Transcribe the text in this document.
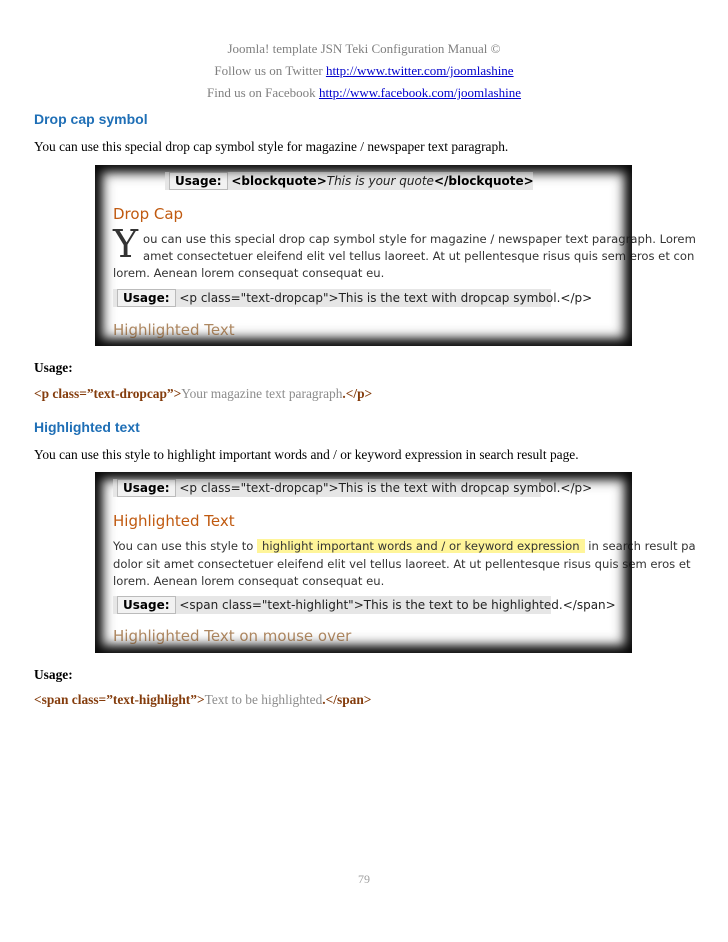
Joomla! template JSN Teki Configuration Manual ©
Follow us on Twitter http://www.twitter.com/joomlashine
Find us on Facebook http://www.facebook.com/joomlashine
Drop cap symbol
You can use this special drop cap symbol style for magazine / newspaper text paragraph.
Usage: <blockquote>This is your quote</blockquote>
Drop Cap
Y ou can use this special drop cap symbol style for magazine / newspaper text paragraph. Lorem
amet consectetuer eleifend elit vel tellus laoreet. At ut pellentesque risus quis sem eros et con
lorem. Aenean lorem consequat consequat eu.
Usage: <p class="text-dropcap">This is the text with dropcap symbol.</p>
Highlighted Text
Usage:
<p class=”text-dropcap”>Your magazine text paragraph.</p>
Highlighted text
You can use this style to highlight important words and / or keyword expression in search result page.
Usage: <p class="text-dropcap">This is the text with dropcap symbol.</p>
Highlighted Text
You can use this style to highlight important words and / or keyword expression in search result pa
dolor sit amet consectetuer eleifend elit vel tellus laoreet. At ut pellentesque risus quis sem eros et
lorem. Aenean lorem consequat consequat eu.
Usage: <span class="text-highlight">This is the text to be highlighted.</span>
Highlighted Text on mouse over
Usage:
<span class=”text-highlight”>Text to be highlighted.</span>
79
